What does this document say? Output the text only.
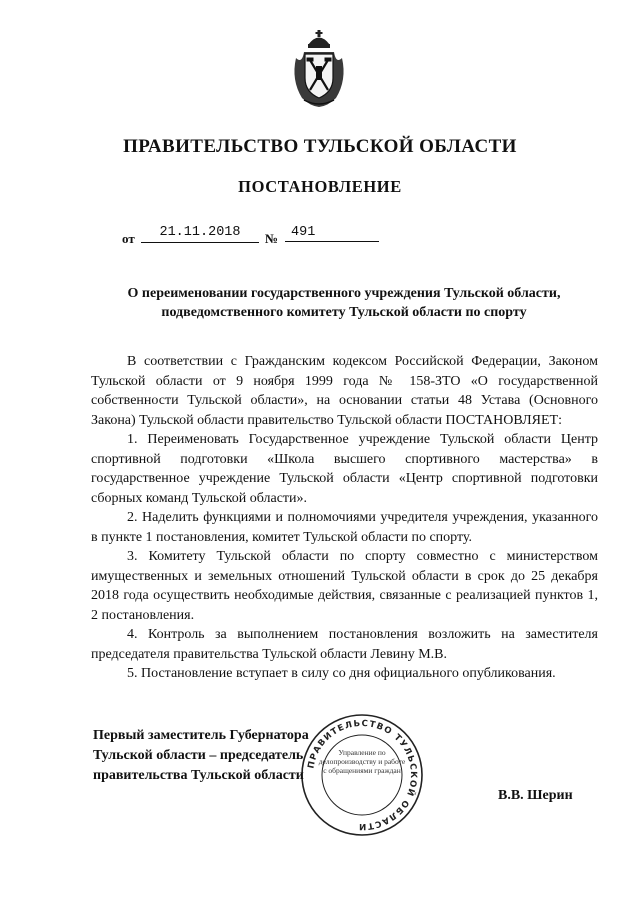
ПРАВИТЕЛЬСТВО ТУЛЬСКОЙ ОБЛАСТИ
ПОСТАНОВЛЕНИЕ
от	21.11.2018	№ 491
О переименовании государственного учреждения Тульской области,
подведомственного комитету Тульской области по спорту

В соответствии с Гражданским кодексом Российской Федерации, Законом Тульской области от 9 ноября 1999 года № 158-ЗТО «О государственной собственности Тульской области», на основании статьи 48 Устава (Основного Закона) Тульской области правительство Тульской области ПОСТАНОВЛЯЕТ:

1. Переименовать Государственное учреждение Тульской области Центр спортивной подготовки «Школа высшего спортивного мастерства» в государственное учреждение Тульской области «Центр спортивной подготовки сборных команд Тульской области».

2. Наделить функциями и полномочиями учредителя учреждения, указанного в пункте 1 постановления, комитет Тульской области по спорту.

3. Комитету Тульской области по спорту совместно с министерством имущественных и земельных отношений Тульской области в срок до 25 декабря 2018 года осуществить необходимые действия, связанные с реализацией пунктов 1, 2 постановления.

4. Контроль за выполнением постановления возложить на заместителя председателя правительства Тульской области Левину М.В.

5. Постановление вступает в силу со дня официального опубликования.

ПРАВИТЕЛЬСТВО ТУЛЬСКОЙ ОБЛАСТИ
Управление по делопроизводству и работе с обращениями граждан
Первый заместитель Губернатора
Тульской области – председатель
правительства Тульской области
В.В. Шерин
